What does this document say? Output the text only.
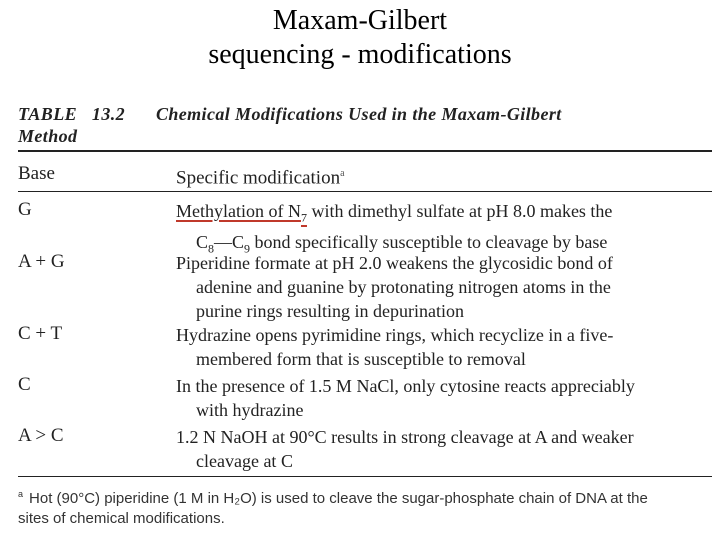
Maxam-Gilbert
sequencing - modifications
TABLE 13.2 Chemical Modifications Used in the Maxam-Gilbert
Method
Base	Specific modification$^a$
G	Methylation of $N_7$ with dimethyl sulfate at pH 8.0 makes the
$C_8—C_9$ bond specifically susceptible to cleavage by base
A + G	Piperidine formate at pH 2.0 weakens the glycosidic bond of
adenine and guanine by protonating nitrogen atoms in the
purine rings resulting in depurination
C + T	Hydrazine opens pyrimidine rings, which recyclize in a five-
membered form that is susceptible to removal
C	In the presence of 1.5 M NaCl, only cytosine reacts appreciably
with hydrazine
A > C	1.2 N NaOH at 90°C results in strong cleavage at A and weaker
cleavage at C
$^a$ Hot (90°C) piperidine (1 M in H₂O) is used to cleave the sugar-phosphate chain of DNA at the
sites of chemical modifications.
